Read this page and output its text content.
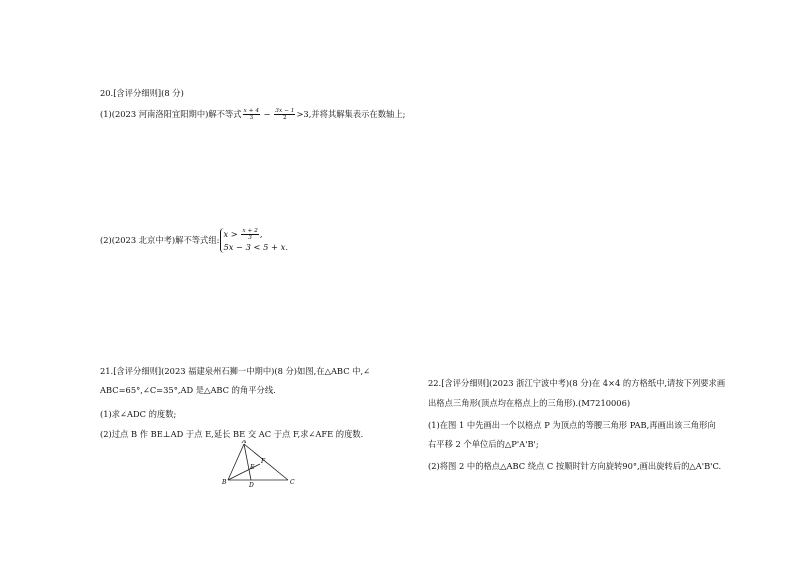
20.[含评分细则](8 分)
(1)(2023 河南洛阳宜阳期中)解不等式 $\frac{x + 4}{3} - \frac{3x - 1}{2} >3$,并将其解集表示在数轴上;
(2)(2023 北京中考)解不等式组:
$x > \frac{x + 2}{3}$ ,
5x − 3 < 5 + x.
21.[含评分细则](2023 福建泉州石狮一中期中)(8 分)如图,在△ABC 中,∠
ABC=65°,∠C=35°,AD 是△ABC 的角平分线.
(1)求∠ADC 的度数;
(2)过点 B 作 BE⊥AD 于点 E,延长 BE 交 AC 于点 F,求∠AFE 的度数.
A
B	C
D
E
F
22.[含评分细则](2023 浙江宁波中考)(8 分)在 4×4 的方格纸中,请按下列要求画
出格点三角形(顶点均在格点上的三角形).(M7210006)
(1)在图 1 中先画出一个以格点 P 为顶点的等腰三角形 PAB,再画出该三角形向
右平移 2 个单位后的△P'A'B';
(2)将图 2 中的格点△ABC 绕点 C 按顺时针方向旋转90°,画出旋转后的△A'B'C.
